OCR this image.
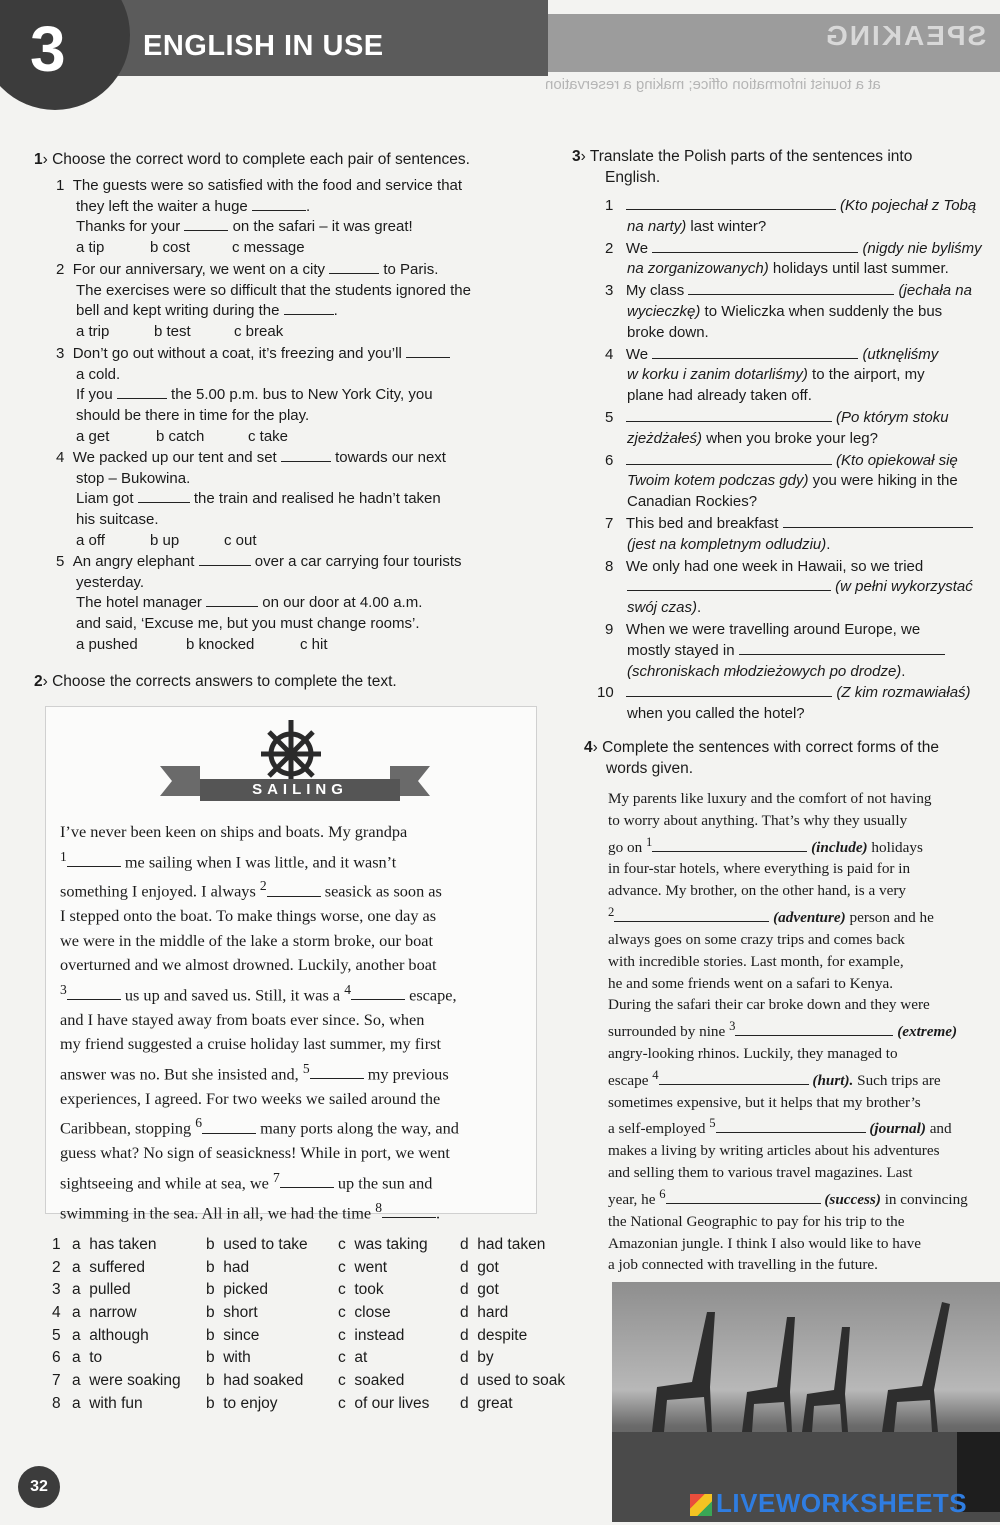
SPEAKING
at a tourist information office; making a reservation
3	ENGLISH IN USE
1› Choose the correct word to complete each pair of sentences.
1 The guests were so satisfied with the food and service that
they left the waiter a huge	.
Thanks for your	on the safari – it was great!
a tip	b cost	c message
2 For our anniversary, we went on a city	to Paris.
The exercises were so difficult that the students ignored the
bell and kept writing during the	.
a trip	b test	c break
3 Don’t go out without a coat, it’s freezing and you’ll
a cold.
If you	the 5.00 p.m. bus to New York City, you
should be there in time for the play.
a get	b catch	c take
4 We packed up our tent and set	towards our next
stop – Bukowina.
Liam got	the train and realised he hadn’t taken
his suitcase.
a off	b up	c out
5 An angry elephant	over a car carrying four tourists
yesterday.
The hotel manager	on our door at 4.00 a.m.
and said, ‘Excuse me, but you must change rooms’.
a pushed	b knocked	c hit
2› Choose the corrects answers to complete the text.
SAILING
I’ve never been keen on ships and boats. My grandpa
$^1$	me sailing when I was little, and it wasn’t
something I enjoyed. I always $^2$	seasick as soon as
I stepped onto the boat. To make things worse, one day as
we were in the middle of the lake a storm broke, our boat
overturned and we almost drowned. Luckily, another boat
$^3$	us up and saved us. Still, it was a $^4$	escape,
and I have stayed away from boats ever since. So, when
my friend suggested a cruise holiday last summer, my first
answer was no. But she insisted and, $^5$	my previous
experiences, I agreed. For two weeks we sailed around the
Caribbean, stopping $^6$	many ports along the way, and
guess what? No sign of seasickness! While in port, we went
sightseeing and while at sea, we $^7$	up the sun and
swimming in the sea. All in all, we had the time $^8$	.
1 a  has taken	b  used to take c  was taking d  had taken
2 a  suffered	b  had	c  went	d  got
3 a  pulled	b  picked	c  took	d  got
4 a  narrow	b  short	c  close	d  hard
5 a  although	b  since	c  instead	d  despite
6 a  to	b  with	c  at	d  by
7 a  were soaking b  had soaked c  soaked	d  used to soak
8 a  with fun	b  to enjoy	c  of our lives d  great
32
3› Translate the Polish parts of the sentences into
English.
1	(Kto pojechał z Tobą
na narty) last winter?
2 We	(nigdy nie byliśmy
na zorganizowanych) holidays until last summer.
3 My class	(jechała na
wycieczkę) to Wieliczka when suddenly the bus
broke down.
4 We	(utknęliśmy
w korku i zanim dotarliśmy) to the airport, my
plane had already taken off.
5	(Po którym stoku
zjeżdżałeś) when you broke your leg?
6	(Kto opiekował się
Twoim kotem podczas gdy) you were hiking in the
Canadian Rockies?
7 This bed and breakfast
(jest na kompletnym odludziu).
8 We only had one week in Hawaii, so we tried
(w pełni wykorzystać
swój czas).
9 When we were travelling around Europe, we
mostly stayed in
(schroniskach młodzieżowych po drodze).
10	(Z kim rozmawiałaś)
when you called the hotel?
4› Complete the sentences with correct forms of the
words given.
My parents like luxury and the comfort of not having
to worry about anything. That’s why they usually
go on $^1$	(include) holidays
in four-star hotels, where everything is paid for in
advance. My brother, on the other hand, is a very
$^2$	(adventure) person and he
always goes on some crazy trips and comes back
with incredible stories. Last month, for example,
he and some friends went on a safari to Kenya.
During the safari their car broke down and they were
surrounded by nine $^3$	(extreme)
angry-looking rhinos. Luckily, they managed to
escape $^4$	(hurt). Such trips are
sometimes expensive, but it helps that my brother’s
a self-employed $^5$	(journal) and
makes a living by writing articles about his adventures
and selling them to various travel magazines. Last
year, he $^6$	(success) in convincing
the National Geographic to pay for his trip to the
Amazonian jungle. I think I also would like to have
a job connected with travelling in the future.
LIVEWORKSHEETS
